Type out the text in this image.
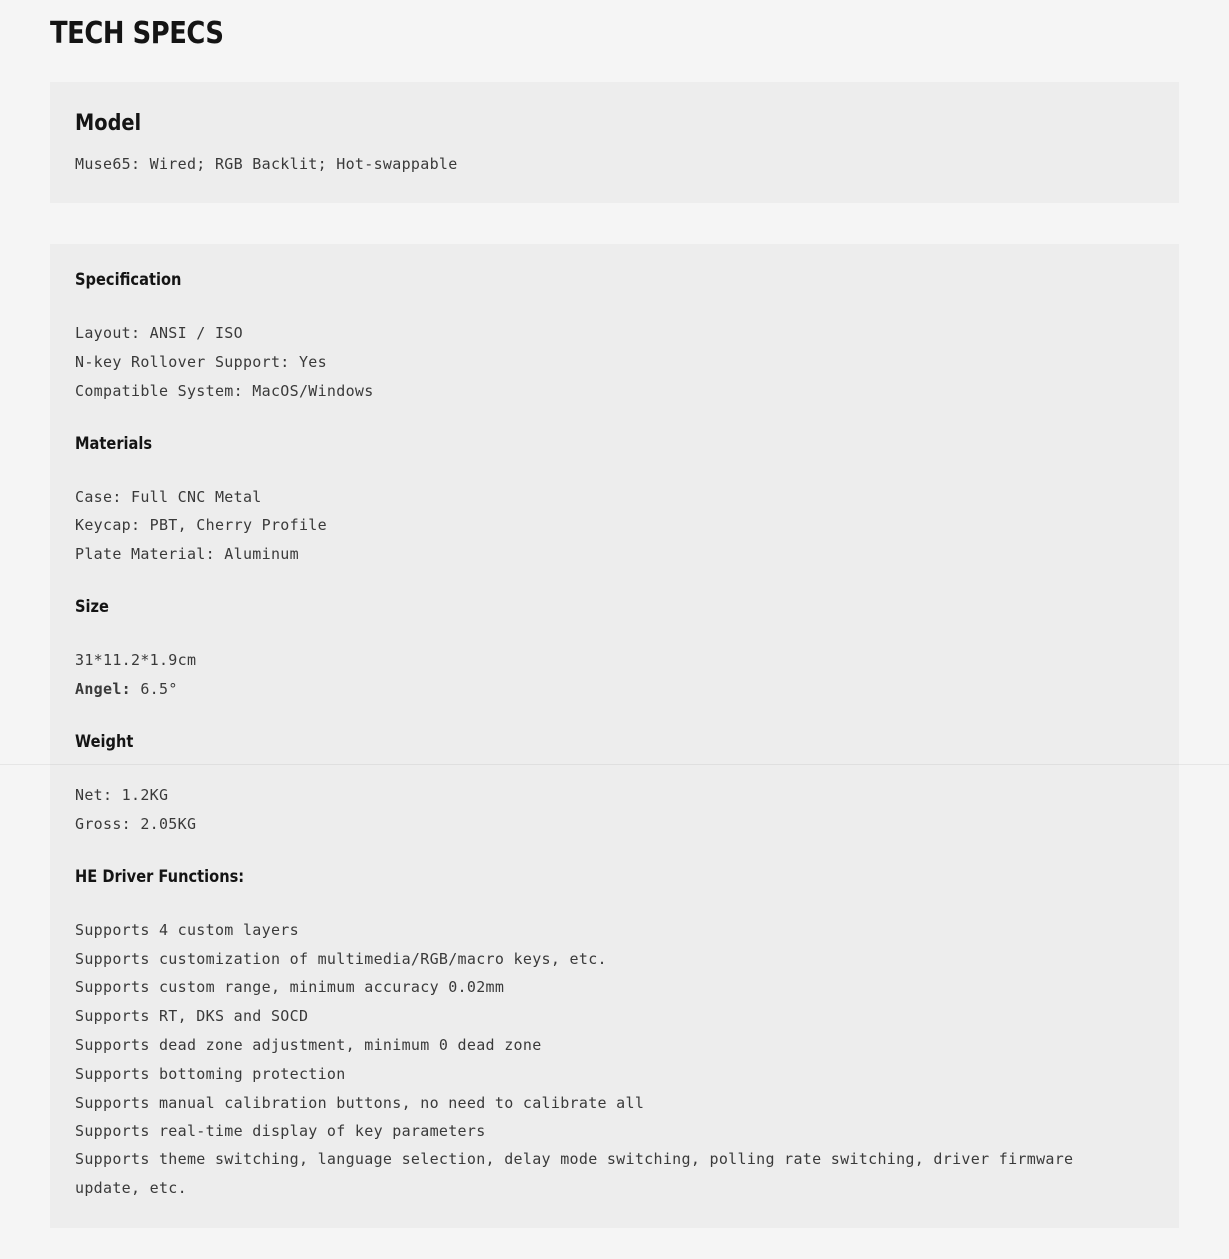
TECH SPECS
Model

Muse65: Wired; RGB Backlit; Hot-swappable

Specification

Layout: ANSI / ISO

N-key Rollover Support: Yes

Compatible System: MacOS/Windows

Materials

Case: Full CNC Metal

Keycap: PBT, Cherry Profile

Plate Material: Aluminum

Size

31*11.2*1.9cm

Angel: 6.5°

Weight

Net: 1.2KG

Gross: 2.05KG

HE Driver Functions:

Supports 4 custom layers

Supports customization of multimedia/RGB/macro keys, etc.

Supports custom range, minimum accuracy 0.02mm

Supports RT, DKS and SOCD

Supports dead zone adjustment, minimum 0 dead zone

Supports bottoming protection

Supports manual calibration buttons, no need to calibrate all

Supports real-time display of key parameters

Supports theme switching, language selection, delay mode switching, polling rate switching, driver firmware update, etc.
